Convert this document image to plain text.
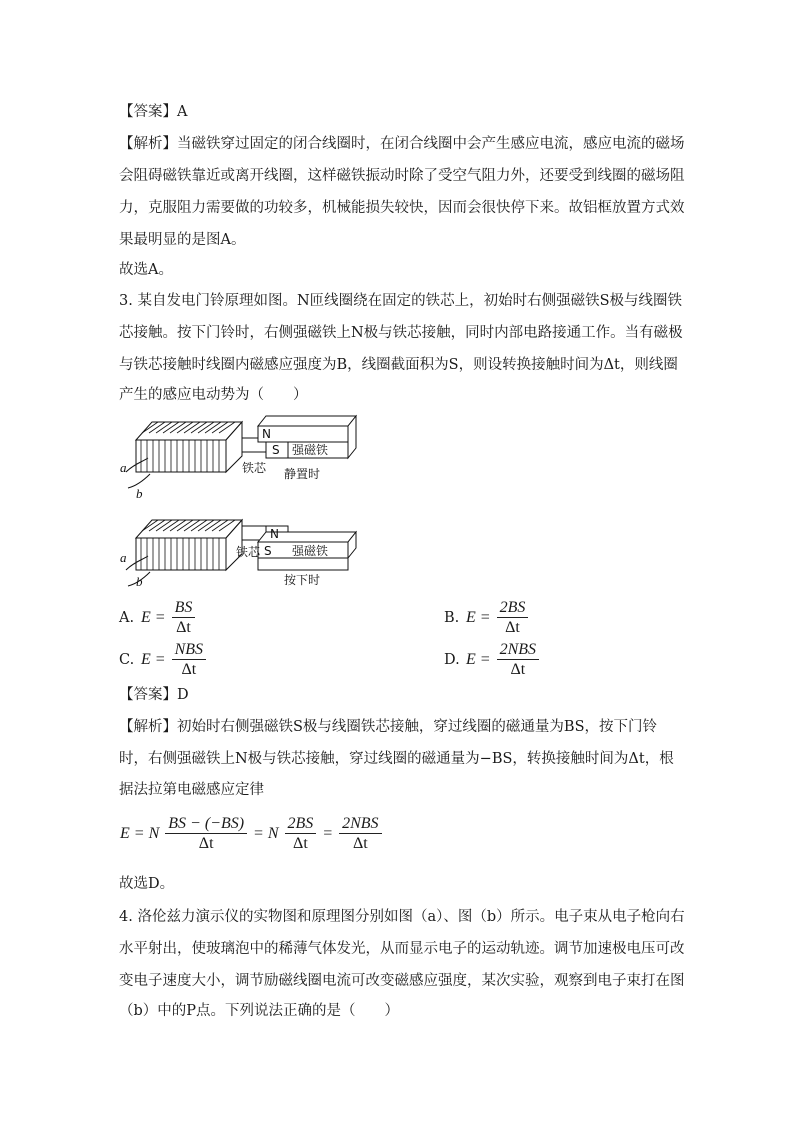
【答案】A
【解析】当磁铁穿过固定的闭合线圈时，在闭合线圈中会产生感应电流，感应电流的磁场
会阻碍磁铁靠近或离开线圈，这样磁铁振动时除了受空气阻力外，还要受到线圈的磁场阻
力，克服阻力需要做的功较多，机械能损失较快，因而会很快停下来。故铝框放置方式效
果最明显的是图A。
故选A。
3. 某自发电门铃原理如图。N匝线圈绕在固定的铁芯上，初始时右侧强磁铁S极与线圈铁
芯接触。按下门铃时，右侧强磁铁上N极与铁芯接触，同时内部电路接通工作。当有磁极
与铁芯接触时线圈内磁感应强度为B，线圈截面积为S，则设转换接触时间为Δt，则线圈
产生的感应电动势为（　　）
N
S 强磁铁
铁芯 静置时
a
b
N
S 强磁铁
铁芯
按下时
a
b
A. $E = \frac{BS}{\Delta t}$	B. $E = \frac{2BS}{\Delta t}$
C. $E = \frac{\text{NBS}}{\Delta t}$	D. $E = \frac{\text{2NBS}}{\Delta t}$
【答案】D
【解析】初始时右侧强磁铁S极与线圈铁芯接触，穿过线圈的磁通量为BS，按下门铃
时，右侧强磁铁上N极与铁芯接触，穿过线圈的磁通量为−BS，转换接触时间为Δt，根
据法拉第电磁感应定律
E = N $\frac{BS - (-BS)}{\Delta t} = N \frac{2BS}{\Delta t} = \frac{\text{2NBS}}{\Delta t}$
故选D。
4. 洛伦兹力演示仪的实物图和原理图分别如图（a）、图（b）所示。电子束从电子枪向右
水平射出，使玻璃泡中的稀薄气体发光，从而显示电子的运动轨迹。调节加速极电压可改
变电子速度大小，调节励磁线圈电流可改变磁感应强度，某次实验，观察到电子束打在图
（b）中的P点。下列说法正确的是（　　）
